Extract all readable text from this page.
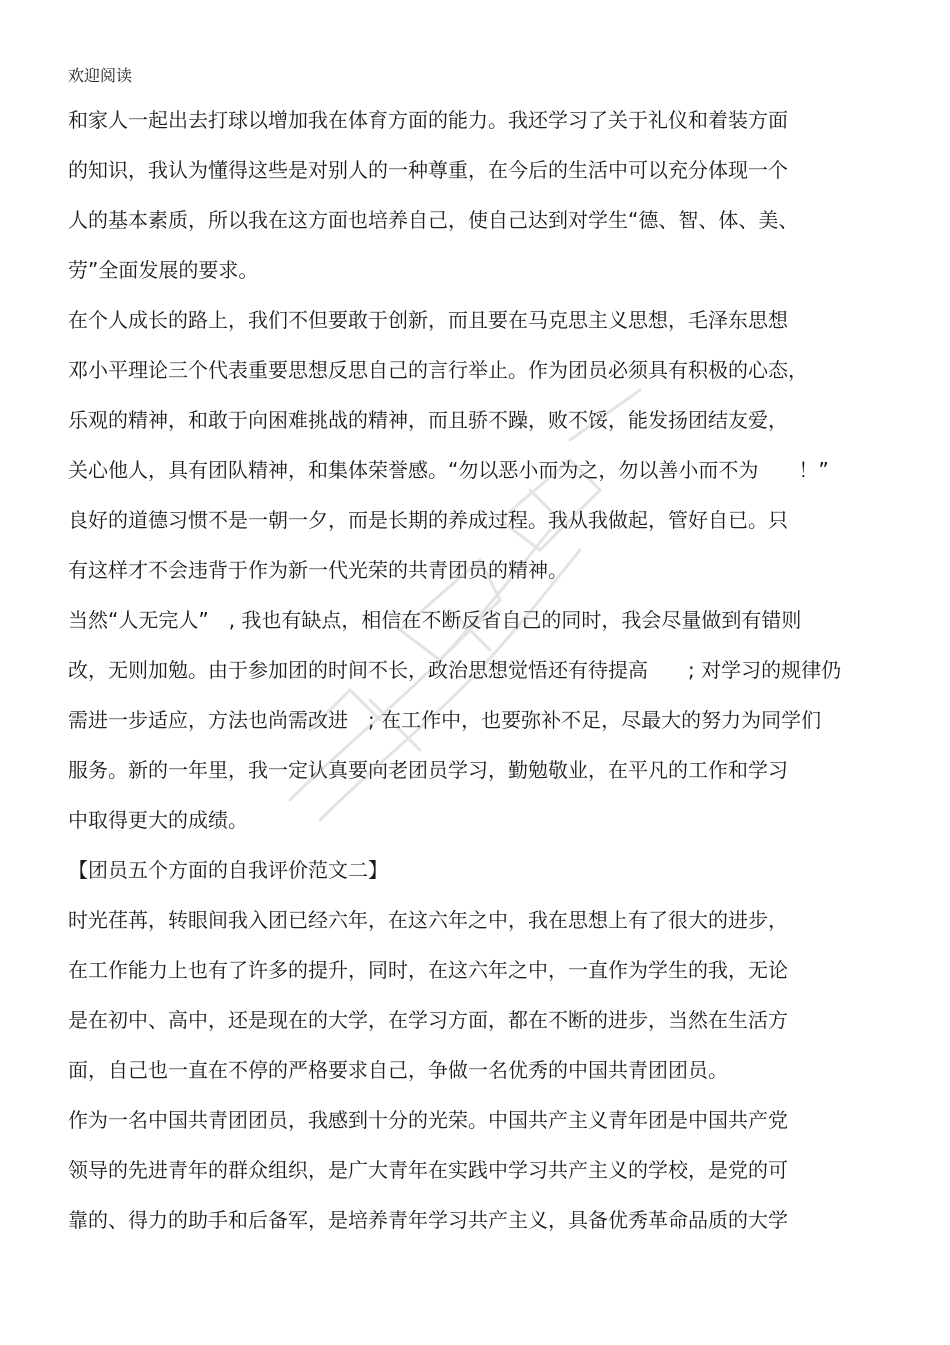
欢迎阅读
和家人一起出去打球以增加我在体育方面的能力。我还学习了关于礼仪和着装方面
的知识，我认为懂得这些是对别人的一种尊重，在今后的生活中可以充分体现一个
人的基本素质，所以我在这方面也培养自己，使自己达到对学生“德、智、体、美、
劳”全面发展的要求。
在个人成长的路上，我们不但要敢于创新，而且要在马克思主义思想，毛泽东思想
邓小平理论三个代表重要思想反思自己的言行举止。作为团员必须具有积极的心态，
乐观的精神，和敢于向困难挑战的精神，而且骄不躁，败不馁，能发扬团结友爱，
关心他人，具有团队精神，和集体荣誉感。“勿以恶小而为之，勿以善小而不为　　！”
良好的道德习惯不是一朝一夕，而是长期的养成过程。我从我做起，管好自已。只
有这样才不会违背于作为新一代光荣的共青团员的精神。
当然“人无完人”　, 我也有缺点，相信在不断反省自己的同时，我会尽量做到有错则
改，无则加勉。由于参加团的时间不长，政治思想觉悟还有待提高　　; 对学习的规律仍
需进一步适应，方法也尚需改进　; 在工作中，也要弥补不足，尽最大的努力为同学们
服务。新的一年里，我一定认真要向老团员学习，勤勉敬业，在平凡的工作和学习
中取得更大的成绩。
【团员五个方面的自我评价范文二】
时光荏苒，转眼间我入团已经六年，在这六年之中，我在思想上有了很大的进步，
在工作能力上也有了许多的提升，同时，在这六年之中，一直作为学生的我，无论
是在初中、高中，还是现在的大学，在学习方面，都在不断的进步，当然在生活方
面，自己也一直在不停的严格要求自己，争做一名优秀的中国共青团团员。
作为一名中国共青团团员，我感到十分的光荣。中国共产主义青年团是中国共产党
领导的先进青年的群众组织，是广大青年在实践中学习共产主义的学校，是党的可
靠的、得力的助手和后备军，是培养青年学习共产主义，具备优秀革命品质的大学
